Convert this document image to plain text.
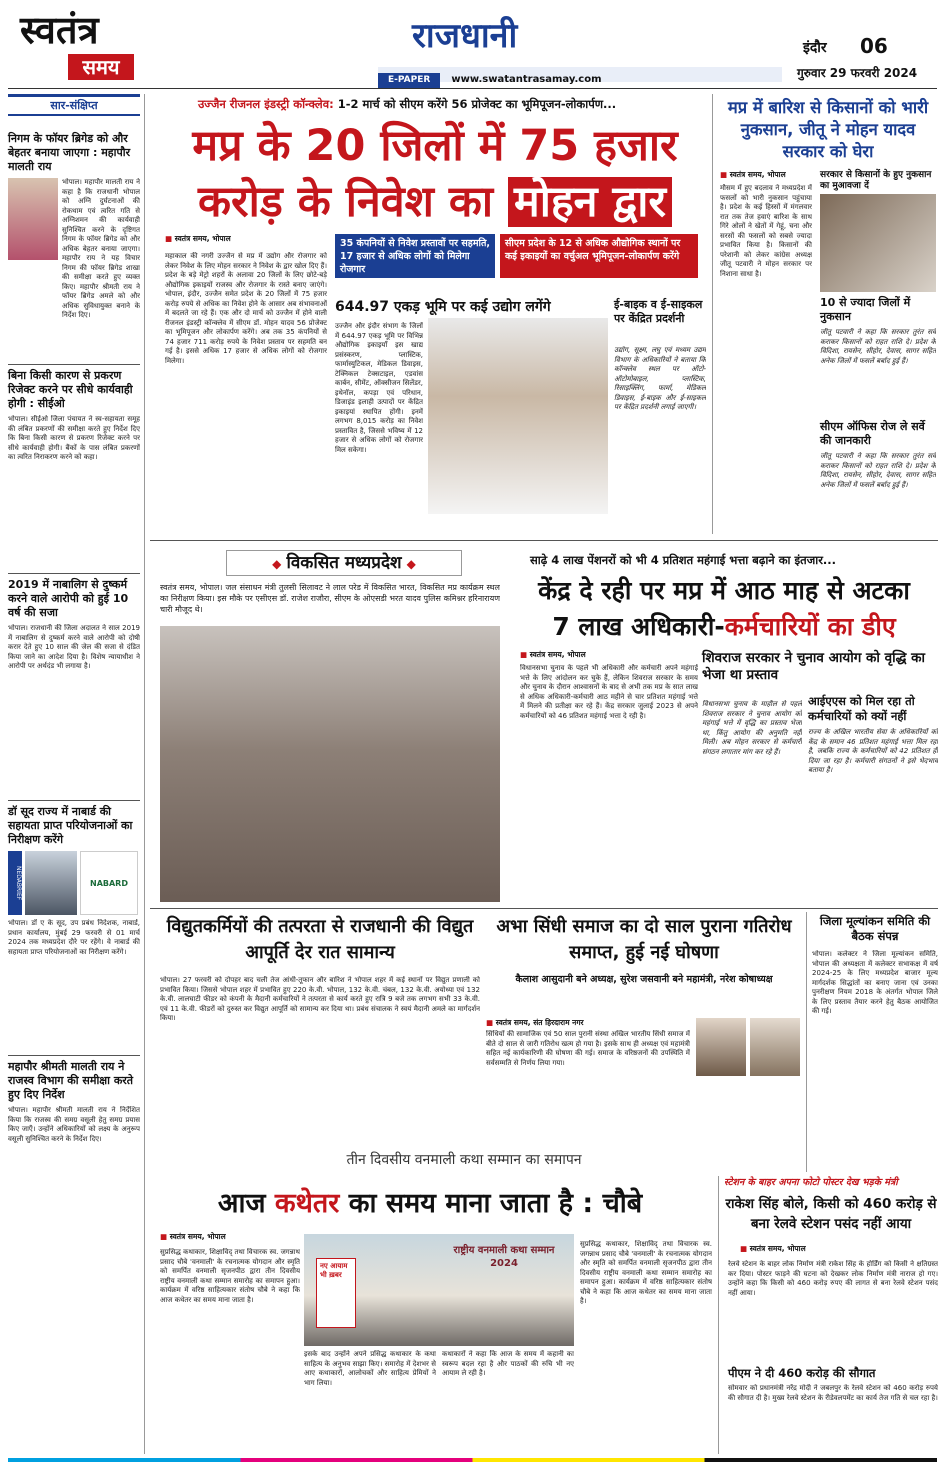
स्वतंत्र
समय
राजधानी
E-PAPER www.swatantrasamay.com
इंदौर 06
गुरुवार 29 फरवरी 2024
सार-संक्षिप्त
निगम के फॉयर ब्रिगेड को और बेहतर बनाया जाएगा : महापौर मालती राय
भोपाल। महापौर मालती राय ने कहा है कि राजधानी भोपाल को अग्नि दुर्घटनाओं की रोकथाम एवं त्वरित गति से अग्निशमन की कार्यवाही सुनिश्चित करने के दृष्टिगत निगम के फॉयर ब्रिगेड को और अधिक बेहतर बनाया जाएगा। महापौर राय ने यह विचार निगम की फॉयर ब्रिगेड शाखा की समीक्षा करते हुए व्यक्त किए। महापौर श्रीमती राय ने फॉयर ब्रिगेड अमले को और अधिक सुविधायुक्त बनाने के निर्देश दिए।
बिना किसी कारण से प्रकरण रिजेक्ट करने पर सीधे कार्यवाही होगी : सीईओ
भोपाल। सीईओ जिला पंचायत ने स्व-सहायता समूह की लंबित प्रकरणों की समीक्षा करते हुए निर्देश दिए कि बिना किसी कारण से प्रकरण रिजेक्ट करने पर सीधे कार्यवाही होगी। बैंकों के पास लंबित प्रकरणों का त्वरित निराकरण करने को कहा।
2019 में नाबालिग से दुष्कर्म करने वाले आरोपी को हुई 10 वर्ष की सजा
भोपाल। राजधानी की जिला अदालत ने साल 2019 में नाबालिग से दुष्कर्म करने वाले आरोपी को दोषी करार देते हुए 10 साल की जेल की सजा से दंडित किया जाने का आदेश दिया है। विशेष न्यायाधीश ने आरोपी पर अर्थदंड भी लगाया है।
डॉ सूद राज्य में नाबार्ड की सहायता प्राप्त परियोजनाओं का निरीक्षण करेंगे
NEDABRIEF	NABARD
भोपाल। डॉ ए के सूद, उप प्रबंध निदेशक, नाबार्ड, प्रधान कार्यालय, मुंबई 29 फरवरी से 01 मार्च 2024 तक मध्यप्रदेश दौरे पर रहेंगे। वे नाबार्ड की सहायता प्राप्त परियोजनाओं का निरीक्षण करेंगे।
महापौर श्रीमती मालती राय ने राजस्व विभाग की समीक्षा करते हुए दिए निर्देश
भोपाल। महापौर श्रीमती मालती राय ने निर्देशित किया कि राजस्व की समग्र वसूली हेतु समग्र प्रयास किए जाएँ। उन्होंने अधिकारियों को लक्ष्य के अनुरूप वसूली सुनिश्चित करने के निर्देश दिए।
उज्जैन रीजनल इंडस्ट्री कॉन्क्लेव: 1-2 मार्च को सीएम करेंगे 56 प्रोजेक्ट का भूमिपूजन-लोकार्पण...
मप्र के 20 जिलों में 75 हजार
करोड़ के निवेश का मोहन द्वार
■ स्वतंत्र समय, भोपाल	35 कंपनियों से निवेश प्रस्तावों पर सहमति, 17 हजार से अधिक लोगों को मिलेगा रोजगार
सीएम प्रदेश के 12 से अधिक औद्योगिक स्थानों पर कई इकाइयों का वर्चुअल भूमिपूजन-लोकार्पण करेंगे
महाकाल की नगरी उज्जैन से मप्र में उद्योग और रोजगार को लेकर निवेश के लिए मोहन सरकार ने निवेश के द्वार खोल दिए हैं। प्रदेश के बड़े मेट्रो शहरों के अलावा 20 जिलों के लिए छोटे-बड़े औद्योगिक इकाइयों राजस्व और रोजगार के रास्ते बनाए जाएंगे। भोपाल, इंदौर, उज्जैन समेत प्रदेश के 20 जिलों में 75 हजार करोड़ रुपये से अधिक का निवेश होने के आसार अब संभावनाओं में बदलते जा रहे हैं। एक और दो मार्च को उज्जैन में होने वाली रीजनल इंडस्ट्री कॉन्क्लेव में सीएम डॉ. मोहन यादव 56 प्रोजेक्ट का भूमिपूजन और लोकार्पण करेंगे। अब तक 35 कंपनियों से 74 हजार 711 करोड़ रुपये के निवेश प्रस्ताव पर सहमति बन गई है। इससे अधिक 17 हजार से अधिक लोगों को रोजगार मिलेगा।
644.97 एकड़ भूमि पर कई उद्योग लगेंगे
उज्जैन और इंदौर संभाग के जिलों में 644.97 एकड़ भूमि पर विभिन्न औद्योगिक इकाइयाँ इस खाद्य प्रसंस्करण, प्लास्टिक, फार्मास्युटिकल, मेडिकल डिवाइस, टेक्निकल टेक्सटाइल, एडवांस कार्बन, सीमेंट, ऑक्सीजन सिलेंडर, इथेनॉल, कपड़ा एवं परिधान, डिजाइंड इलाही उत्पादों पर केंद्रित इकाइयां स्थापित होंगी। इनमें लगभग 8,015 करोड़ का निवेश प्रस्तावित है, जिससे भविष्य में 12 हजार से अधिक लोगों को रोजगार मिल सकेगा।
ई-बाइक व ई-साइकल पर केंद्रित प्रदर्शनी
उद्योग, सूक्ष्म, लघु एवं मध्यम उद्यम विभाग के अधिकारियों ने बताया कि कॉन्क्लेव स्थल पर ऑटो-ऑटोमोबाइल, प्लास्टिक, रिसाइक्लिंग, फार्मा, मेडिकल डिवाइस, ई-बाइक और ई-साइकल पर केंद्रित प्रदर्शनी लगाई जाएगी।
मप्र में बारिश से किसानों को भारी नुकसान, जीतू ने मोहन यादव सरकार को घेरा
■ स्वतंत्र समय, भोपाल
मौसम में हुए बदलाव ने मध्यप्रदेश में फसलों को भारी नुकसान पहुंचाया है। प्रदेश के कई हिस्सों में मंगलवार रात तक तेज हवाएं बारिश के साथ गिरे ओलों ने खेतों में गेहूं, चना और सरसों की फसलों को सबसे ज्यादा प्रभावित किया है। किसानों की परेशानी को लेकर कांग्रेस अध्यक्ष जीतू पटवारी ने मोहन सरकार पर निशाना साधा है।
सरकार से किसानों के हुए नुकसान का मुआवजा दें
10 से ज्यादा जिलों में नुकसान
जीतू पटवारी ने कहा कि सरकार तुरंत सर्वे कराकर किसानों को राहत राशि दे। प्रदेश के विदिशा, रायसेन, सीहोर, देवास, सागर सहित अनेक जिलों में फसलें बर्बाद हुई हैं।
सीएम ऑफिस रोज ले सर्वे की जानकारी
जीतू पटवारी ने कहा कि सरकार तुरंत सर्वे कराकर किसानों को राहत राशि दे। प्रदेश के विदिशा, रायसेन, सीहोर, देवास, सागर सहित अनेक जिलों में फसलें बर्बाद हुई हैं।
◆ विकसित मध्यप्रदेश ◆
स्वतंत्र समय, भोपाल। जल संसाधन मंत्री तुलसी सिलावट ने लाल परेड में विकसित भारत, विकसित मप्र कार्यक्रम स्थल का निरीक्षण किया। इस मौके पर एसीएस डॉ. राजेश राजौरा, सीएम के ओएसडी भरत यादव पुलिस कमिश्नर हरिनारायण चारी मौजूद थे।
साढ़े 4 लाख पेंशनरों को भी 4 प्रतिशत महंगाई भत्ता बढ़ाने का इंतजार...
केंद्र दे रही पर मप्र में आठ माह से अटका
7 लाख अधिकारी-कर्मचारियों का डीए
■ स्वतंत्र समय, भोपाल	शिवराज सरकार ने चुनाव आयोग को वृद्धि का भेजा था प्रस्ताव
विधानसभा चुनाव के पहले भी अधिकारी और कर्मचारी अपने महंगाई भत्ते के लिए आंदोलन कर चुके हैं, लेकिन शिवराज सरकार के समय और चुनाव के दौरान आश्वासनों के बाद से अभी तक मप्र के सात लाख से अधिक अधिकारी-कर्मचारी आठ महीने से चार प्रतिशत महंगाई भत्ते में मिलने की प्रतीक्षा कर रहे हैं। केंद्र सरकार जुलाई 2023 से अपने कर्मचारियों को 46 प्रतिशत महंगाई भत्ता दे रही है।
विधानसभा चुनाव के माहौल से पहले शिवराज सरकार ने चुनाव आयोग को महंगाई भत्ते में वृद्धि का प्रस्ताव भेजा था, किंतु आयोग की अनुमति नहीं मिली। अब मोहन सरकार से कर्मचारी संगठन लगातार मांग कर रहे हैं।
आईएएस को मिल रहा तो कर्मचारियों को क्यों नहीं
राज्य के अखिल भारतीय सेवा के अधिकारियों को केंद्र के समान 46 प्रतिशत महंगाई भत्ता मिल रहा है, जबकि राज्य के कर्मचारियों को 42 प्रतिशत ही दिया जा रहा है। कर्मचारी संगठनों ने इसे भेदभाव बताया है।
विद्युतकर्मियों की तत्परता से राजधानी की विद्युत आपूर्ति देर रात सामान्य
भोपाल। 27 फरवरी को दोपहर बाद चली तेज आंधी-तूफान और बारिश ने भोपाल शहर में कई स्थानों पर विद्युत प्रणाली को प्रभावित किया। जिससे भोपाल शहर में प्रभावित हुए 220 के.वी. भोपाल, 132 के.वी. चंबल, 132 के.वी. अयोध्या एवं 132 के.वी. लालघाटी फीडर को कंपनी के मैदानी कर्मचारियों ने तत्परता से कार्य करते हुए रात्रि 9 बजे तक लगभग सभी 33 के.वी. एवं 11 के.वी. फीडरों को दुरुस्त कर विद्युत आपूर्ति को सामान्य कर दिया था। प्रबंध संचालक ने स्वयं मैदानी अमले का मार्गदर्शन किया।
अभा सिंधी समाज का दो साल पुराना गतिरोध समाप्त, हुई नई घोषणा
कैलाश आसुदानी बने अध्यक्ष, सुरेश जसवानी बने महामंत्री, नरेश कोषाध्यक्ष
■ स्वतंत्र समय, संत हिरदाराम नगर
सिंधियों की सामाजिक एवं 50 साल पुरानी संस्था अखिल भारतीय सिंधी समाज में बीते दो साल से जारी गतिरोध खत्म हो गया है। इसके साथ ही अध्यक्ष एवं महामंत्री सहित नई कार्यकारिणी की घोषणा की गई। समाज के वरिष्ठजनों की उपस्थिति में सर्वसम्मति से निर्णय लिया गया।
जिला मूल्यांकन समिति की बैठक संपन्न
भोपाल। कलेक्टर ने जिला मूल्यांकन समिति, भोपाल की अध्यक्षता में कलेक्टर सभाकक्ष में वर्ष 2024-25 के लिए मध्यप्रदेश बाजार मूल्य मार्गदर्शक सिद्धांतों का बनाए जाना एवं उनका पुनरीक्षण नियम 2018 के अंतर्गत भोपाल जिले के लिए प्रस्ताव तैयार करने हेतु बैठक आयोजित की गई।
तीन दिवसीय वनमाली कथा सम्मान का समापन
आज कथेतर का समय माना जाता है : चौबे
■ स्वतंत्र समय, भोपाल
सुप्रसिद्ध कथाकार, शिक्षाविद् तथा विचारक स्व. जगन्नाथ प्रसाद चौबे 'वनमाली' के रचनात्मक योगदान और स्मृति को समर्पित वनमाली सृजनपीठ द्वारा तीन दिवसीय राष्ट्रीय वनमाली कथा सम्मान समारोह का समापन हुआ। कार्यक्रम में वरिष्ठ साहित्यकार संतोष चौबे ने कहा कि आज कथेतर का समय माना जाता है।
राष्ट्रीय वनमाली कथा सम्मान 2024
नए आयाम भी ख़बर
इसके बाद उन्होंने अपने प्रसिद्ध कथाकार के कथा साहित्य के अनुभव साझा किए। समारोह में देशभर से आए कथाकारों, आलोचकों और साहित्य प्रेमियों ने भाग लिया।
कथाकारों ने कहा कि आज के समय में कहानी का स्वरूप बदल रहा है और पाठकों की रुचि भी नए आयाम ले रही है।
सुप्रसिद्ध कथाकार, शिक्षाविद् तथा विचारक स्व. जगन्नाथ प्रसाद चौबे 'वनमाली' के रचनात्मक योगदान और स्मृति को समर्पित वनमाली सृजनपीठ द्वारा तीन दिवसीय राष्ट्रीय वनमाली कथा सम्मान समारोह का समापन हुआ। कार्यक्रम में वरिष्ठ साहित्यकार संतोष चौबे ने कहा कि आज कथेतर का समय माना जाता है।
स्टेशन के बाहर अपना फोटो पोस्टर देख भड़के मंत्री
राकेश सिंह बोले, किसी को 460 करोड़ से बना रेलवे स्टेशन पसंद नहीं आया
■ स्वतंत्र समय, भोपाल
रेलवे स्टेशन के बाहर लोक निर्माण मंत्री राकेश सिंह के होर्डिंग को किसी ने क्षतिग्रस्त कर दिया। पोस्टर फाड़ने की घटना को देखकर लोक निर्माण मंत्री नाराज हो गए। उन्होंने कहा कि किसी को 460 करोड़ रुपए की लागत से बना रेलवे स्टेशन पसंद नहीं आया।
पीएम ने दी 460 करोड़ की सौगात
सोमवार को प्रधानमंत्री नरेंद्र मोदी ने जबलपुर के रेलवे स्टेशन को 460 करोड़ रुपये की सौगात दी है। मुख्य रेलवे स्टेशन के रीडेवलपमेंट का कार्य तेज गति से चल रहा है।
